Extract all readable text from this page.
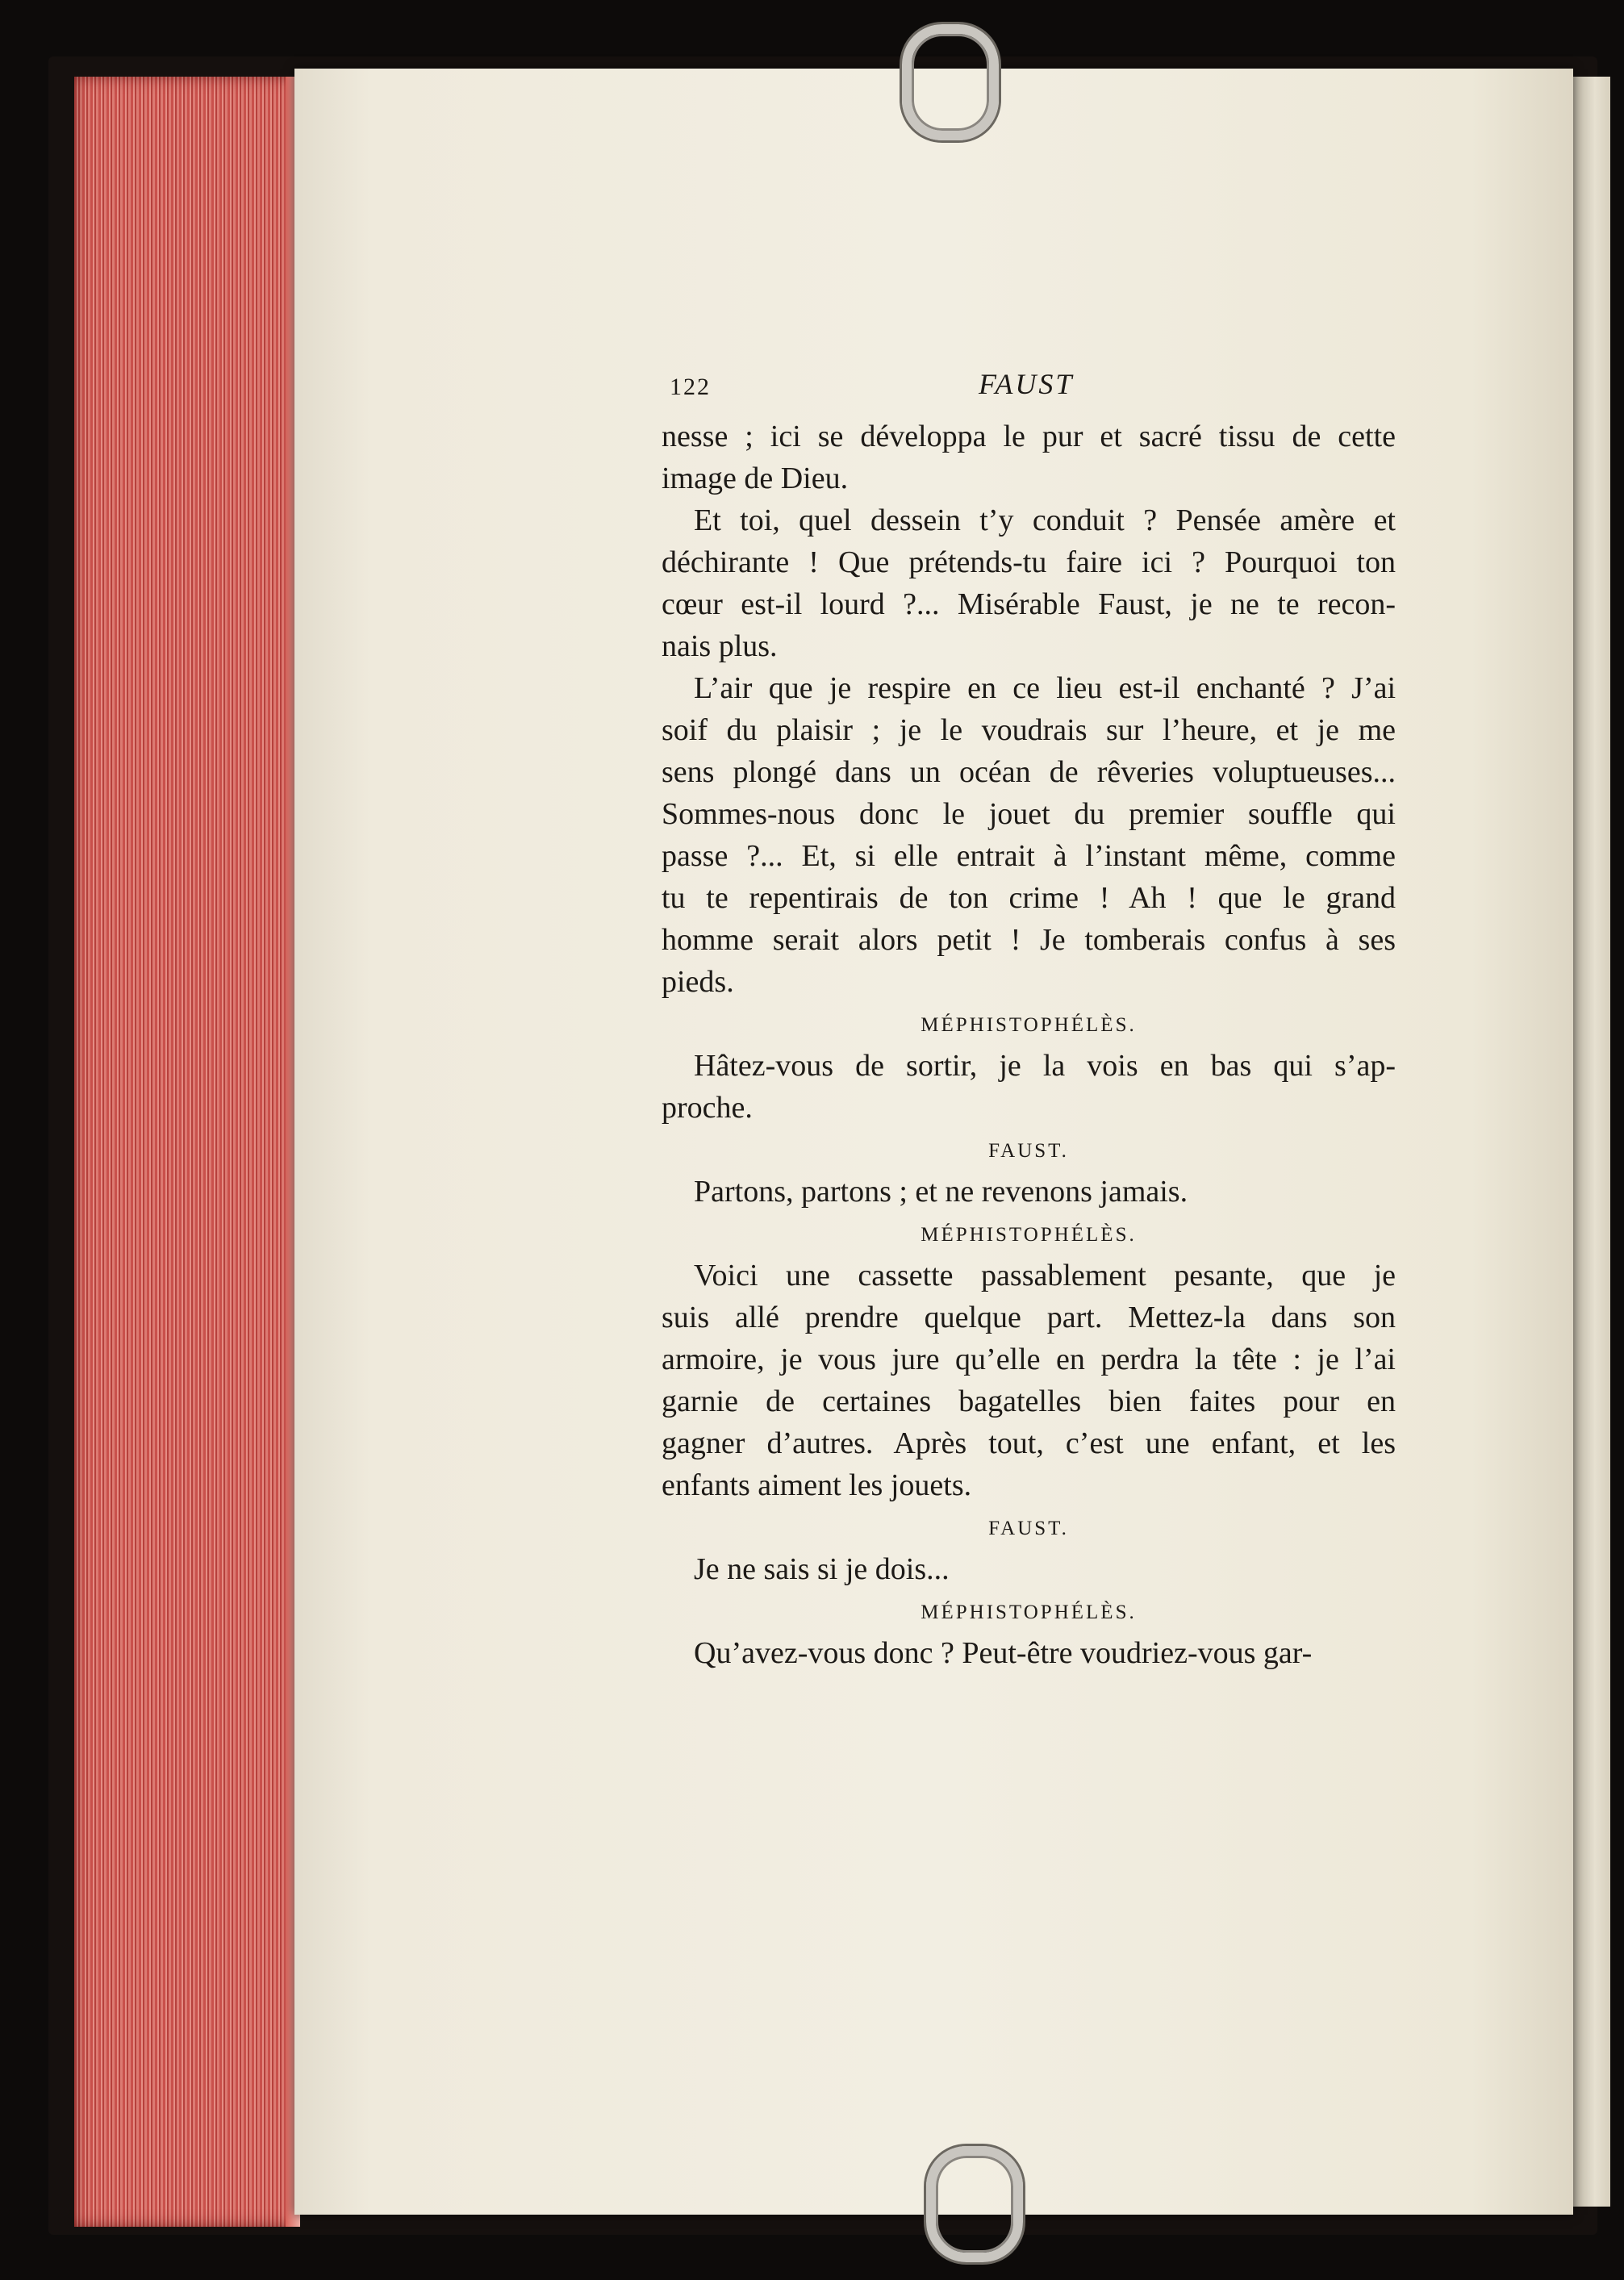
122	FAUST
nesse ; ici se développa le pur et sacré tissu de cette
image de Dieu.
Et toi, quel dessein t’y conduit ? Pensée amère et
déchirante ! Que prétends-tu faire ici ? Pourquoi ton
cœur est-il lourd ?... Misérable Faust, je ne te recon-
nais plus.
L’air que je respire en ce lieu est-il enchanté ? J’ai
soif du plaisir ; je le voudrais sur l’heure, et je me
sens plongé dans un océan de rêveries voluptueuses...
Sommes-nous donc le jouet du premier souffle qui
passe ?... Et, si elle entrait à l’instant même, comme
tu te repentirais de ton crime ! Ah ! que le grand
homme serait alors petit ! Je tomberais confus à ses
pieds.
MÉPHISTOPHÉLÈS.
Hâtez-vous de sortir, je la vois en bas qui s’ap-
proche.
FAUST.
Partons, partons ; et ne revenons jamais.
MÉPHISTOPHÉLÈS.
Voici une cassette passablement pesante, que je
suis allé prendre quelque part. Mettez-la dans son
armoire, je vous jure qu’elle en perdra la tête : je l’ai
garnie de certaines bagatelles bien faites pour en
gagner d’autres. Après tout, c’est une enfant, et les
enfants aiment les jouets.
FAUST.
Je ne sais si je dois...
MÉPHISTOPHÉLÈS.
Qu’avez-vous donc ? Peut-être voudriez-vous gar-
